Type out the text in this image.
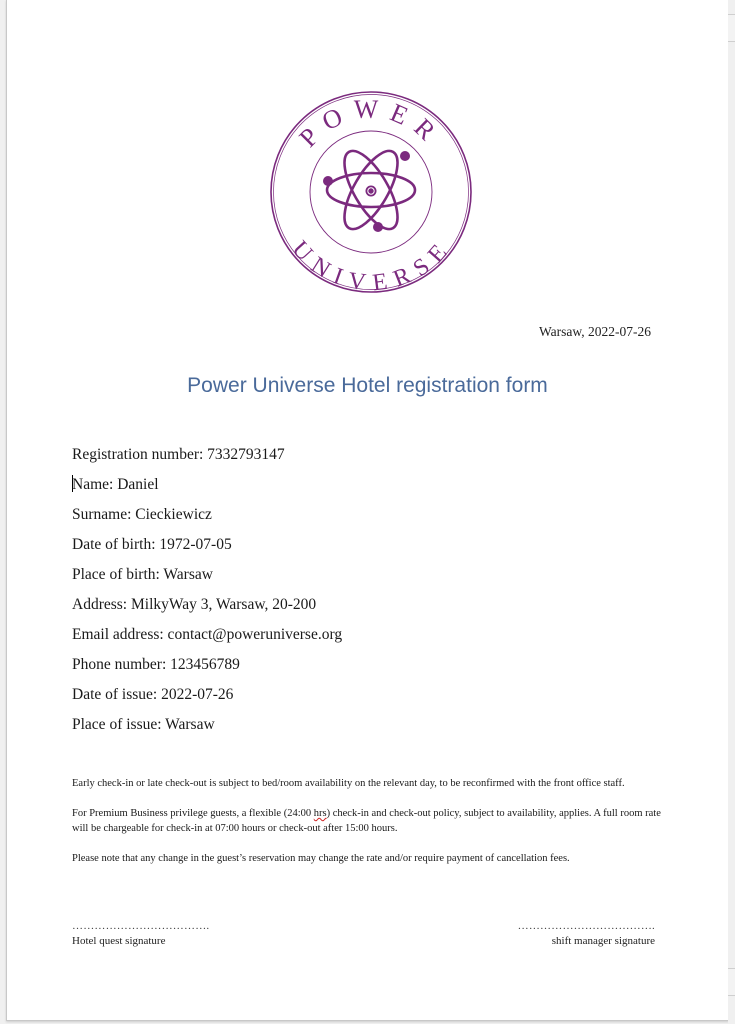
POWER
UNIVERSE
Warsaw, 2022-07-26
Power Universe Hotel registration form
Registration number: 7332793147
Name: Daniel
Surname: Cieckiewicz
Date of birth: 1972-07-05
Place of birth: Warsaw
Address: MilkyWay 3, Warsaw, 20-200
Email address: contact@poweruniverse.org
Phone number: 123456789
Date of issue: 2022-07-26
Place of issue: Warsaw

Early check-in or late check-out is subject to bed/room availability on the relevant day, to be reconfirmed with the front office staff.

For Premium Business privilege guests, a flexible (24:00 hrs) check-in and check-out policy, subject to availability, applies. A full room rate will be chargeable for check-in at 07:00 hours or check-out after 15:00 hours.

Please note that any change in the guest’s reservation may change the rate and/or require payment of cancellation fees.

……………………………….
Hotel quest signature
……………………………….
shift manager signature
